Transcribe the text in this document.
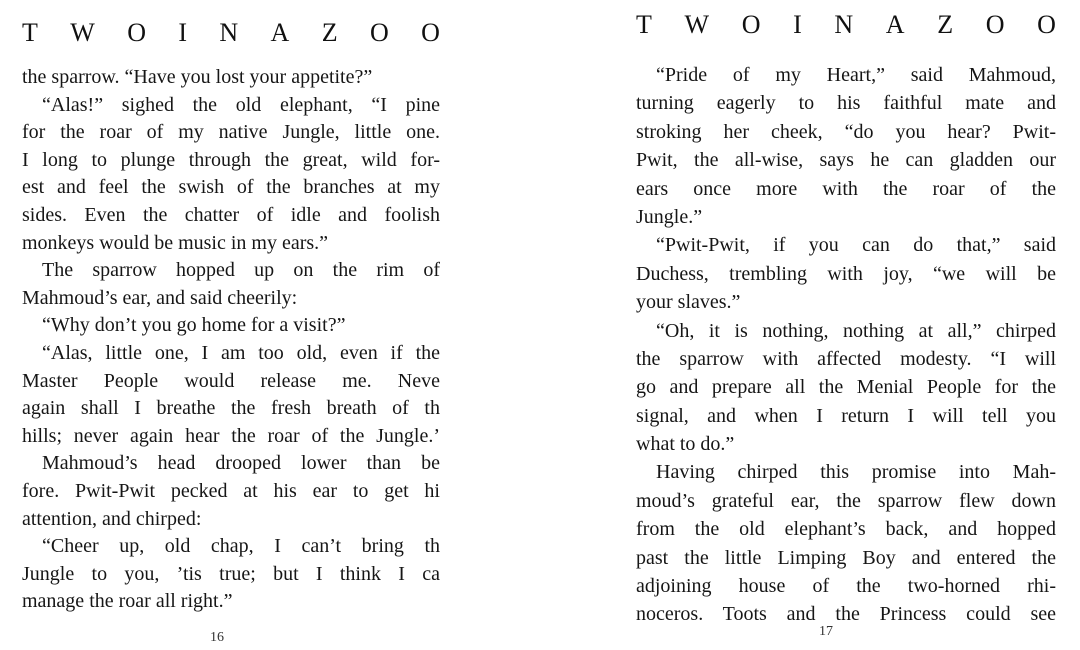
T W O I N A Z O O
the sparrow. “Have you lost your appetite?”
“Alas!” sighed the old elephant, “I pine
for the roar of my native Jungle, little one.
I long to plunge through the great, wild for-
est and feel the swish of the branches at my
sides. Even the chatter of idle and foolish
monkeys would be music in my ears.”
The sparrow hopped up on the rim of
Mahmoud’s ear, and said cheerily:
“Why don’t you go home for a visit?”
“Alas, little one, I am too old, even if the
Master People would release me. Neve
again shall I breathe the fresh breath of th
hills; never again hear the roar of the Jungle.’
Mahmoud’s head drooped lower than be
fore. Pwit-Pwit pecked at his ear to get hi
attention, and chirped:
“Cheer up, old chap, I can’t bring th
Jungle to you, ’tis true; but I think I ca
manage the roar all right.”
16
T W O I N A Z O O
“Pride of my Heart,” said Mahmoud,
turning eagerly to his faithful mate and
stroking her cheek, “do you hear? Pwit-
Pwit, the all-wise, says he can gladden our
ears once more with the roar of the
Jungle.”
“Pwit-Pwit, if you can do that,” said
Duchess, trembling with joy, “we will be
your slaves.”
“Oh, it is nothing, nothing at all,” chirped
the sparrow with affected modesty. “I will
go and prepare all the Menial People for the
signal, and when I return I will tell you
what to do.”
Having chirped this promise into Mah-
moud’s grateful ear, the sparrow flew down
from the old elephant’s back, and hopped
past the little Limping Boy and entered the
adjoining house of the two-horned rhi-
noceros. Toots and the Princess could see
17
